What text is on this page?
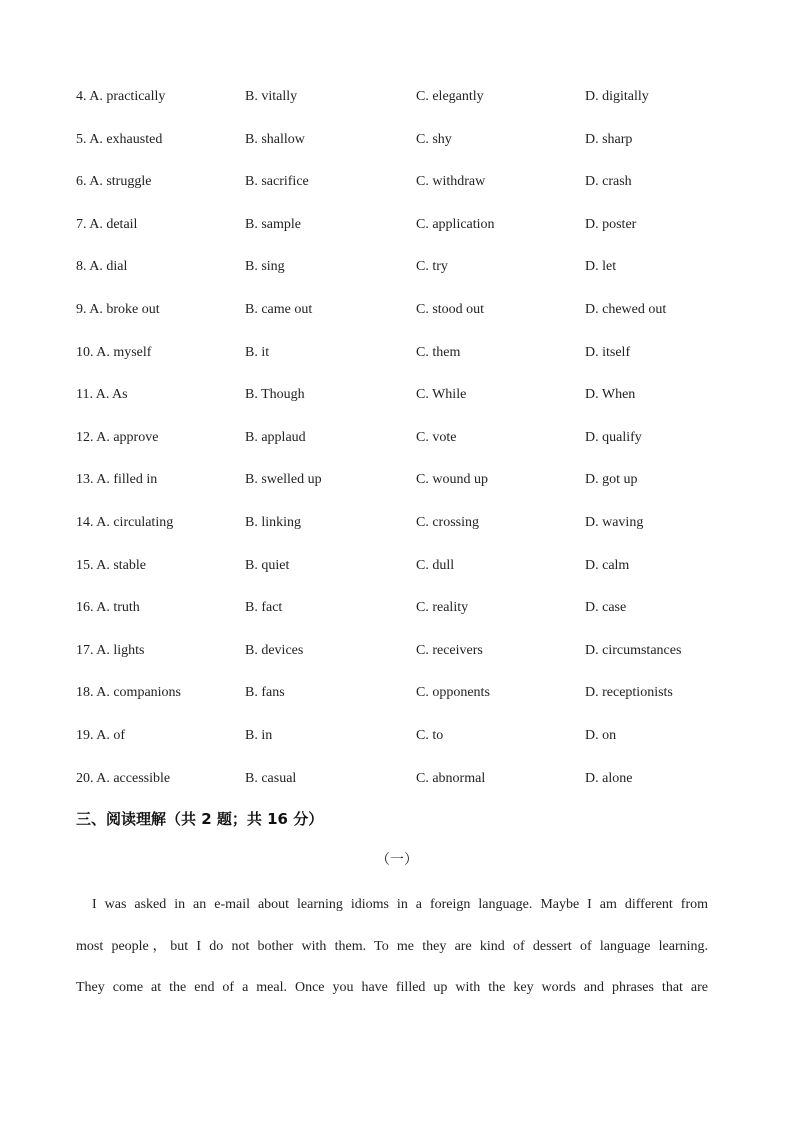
4. A. practically	B. vitally	C. elegantly	D. digitally
5. A. exhausted	B. shallow	C. shy	D. sharp
6. A. struggle	B. sacrifice	C. withdraw	D. crash
7. A. detail	B. sample	C. application	D. poster
8. A. dial	B. sing	C. try	D. let
9. A. broke out	B. came out	C. stood out	D. chewed out
10. A. myself	B. it	C. them	D. itself
11. A. As	B. Though	C. While	D. When
12. A. approve	B. applaud	C. vote	D. qualify
13. A. filled in	B. swelled up	C. wound up	D. got up
14. A. circulating	B. linking	C. crossing	D. waving
15. A. stable	B. quiet	C. dull	D. calm
16. A. truth	B. fact	C. reality	D. case
17. A. lights	B. devices	C. receivers	D. circumstances
18. A. companions	B. fans	C. opponents	D. receptionists
19. A. of	B. in	C. to	D. on
20. A. accessible	B. casual	C. abnormal	D. alone
三、阅读理解（共 2 题；共 16 分）
（一）
I was asked in an e-mail about learning idioms in a foreign language. Maybe I am different from
most people，but I do not bother with them. To me they are kind of dessert of language learning.
They come at the end of a meal. Once you have filled up with the key words and phrases that are
